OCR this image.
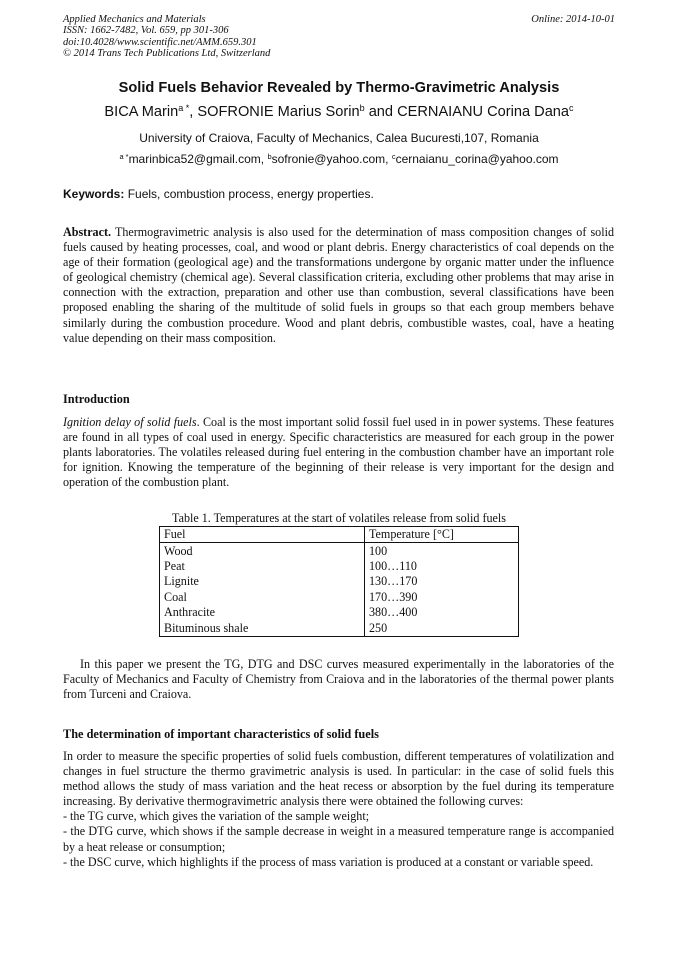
Applied Mechanics and Materials
ISSN: 1662-7482, Vol. 659, pp 301-306
doi:10.4028/www.scientific.net/AMM.659.301
© 2014 Trans Tech Publications Ltd, Switzerland
Online: 2014-10-01
Solid Fuels Behavior Revealed by Thermo-Gravimetric Analysis
BICA Marin$^{a *}$, SOFRONIE Marius Sorin$^b$ and CERNAIANU Corina Dana$^c$
University of Craiova, Faculty of Mechanics, Calea Bucuresti,107, Romania
$^{a *}$marinbica52@gmail.com, $^b$sofronie@yahoo.com, $^c$cernaianu_corina@yahoo.com
Keywords: Fuels, combustion process, energy properties.

Abstract. Thermogravimetric analysis is also used for the determination of mass composition changes of solid fuels caused by heating processes, coal, and wood or plant debris. Energy characteristics of coal depends on the age of their formation (geological age) and the transformations undergone by organic matter under the influence of geological chemistry (chemical age). Several classification criteria, excluding other problems that may arise in connection with the extraction, preparation and other use than combustion, several classifications have been proposed enabling the sharing of the multitude of solid fuels in groups so that each group members behave similarly during the combustion procedure. Wood and plant debris, combustible wastes, coal, have a heating value depending on their mass composition.

Introduction

Ignition delay of solid fuels. Coal is the most important solid fossil fuel used in in power systems. These features are found in all types of coal used in energy. Specific characteristics are measured for each group in the power plants laboratories. The volatiles released during fuel entering in the combustion chamber have an important role for ignition. Knowing the temperature of the beginning of their release is very important for the design and operation of the combustion plant.

Table 1. Temperatures at the start of volatiles release from solid fuels
Fuel	Temperature [°C]
Wood	100
Peat	100…110
Lignite	130…170
Coal	170…390
Anthracite	380…400
Bituminous shale	250

In this paper we present the TG, DTG and DSC curves measured experimentally in the laboratories of the Faculty of Mechanics and Faculty of Chemistry from Craiova and in the laboratories of the thermal power plants from Turceni and Craiova.

The determination of important characteristics of solid fuels

In order to measure the specific properties of solid fuels combustion, different temperatures of volatilization and changes in fuel structure the thermo gravimetric analysis is used. In particular: in the case of solid fuels this method allows the study of mass variation and the heat recess or absorption by the fuel during its temperature increasing. By derivative thermogravimetric analysis there were obtained the following curves:
- the TG curve, which gives the variation of the sample weight;
- the DTG curve, which shows if the sample decrease in weight in a measured temperature range is accompanied by a heat release or consumption;
- the DSC curve, which highlights if the process of mass variation is produced at a constant or variable speed.
